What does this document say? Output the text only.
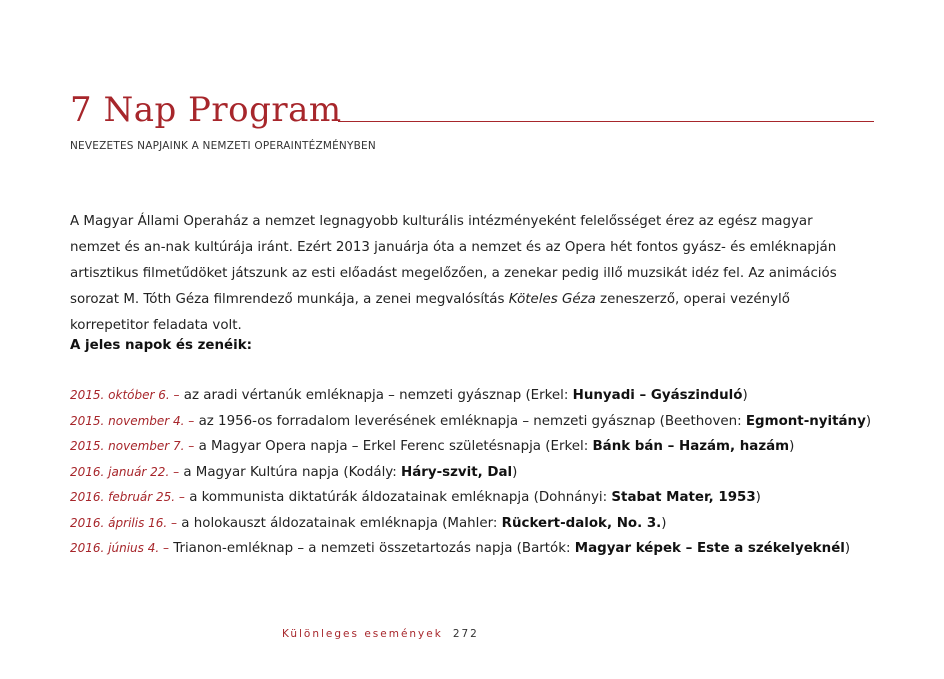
7 Nap Program
NEVEZETES NAPJAINK A NEMZETI OPERAINTÉZMÉNYBEN

A Magyar Állami Operaház a nemzet legnagyobb kulturális intézményeként felelősséget érez az egész magyar nemzet és an-nak kultúrája iránt. Ezért 2013 januárja óta a nemzet és az Opera hét fontos gyász- és emléknapján artisztikus filmetűdöket játszunk az esti előadást megelőzően, a zenekar pedig illő muzsikát idéz fel. Az animációs sorozat M. Tóth Géza filmrendező munkája, a zenei megvalósítás Köteles Géza zeneszerző, operai vezénylő korrepetitor feladata volt.

A jeles napok és zenéik:
2015. október 6. – az aradi vértanúk emléknapja – nemzeti gyásznap (Erkel: Hunyadi – Gyászinduló)
2015. november 4. – az 1956-os forradalom leverésének emléknapja – nemzeti gyásznap (Beethoven: Egmont-nyitány)
2015. november 7. – a Magyar Opera napja – Erkel Ferenc születésnapja (Erkel: Bánk bán – Hazám, hazám)
2016. január 22. – a Magyar Kultúra napja (Kodály: Háry-szvit, Dal)
2016. február 25. – a kommunista diktatúrák áldozatainak emléknapja (Dohnányi: Stabat Mater, 1953)
2016. április 16. – a holokauszt áldozatainak emléknapja (Mahler: Rückert-dalok, No. 3.)
2016. június 4. – Trianon-emléknap – a nemzeti összetartozás napja (Bartók: Magyar képek – Este a székelyeknél)
Különleges események 272
